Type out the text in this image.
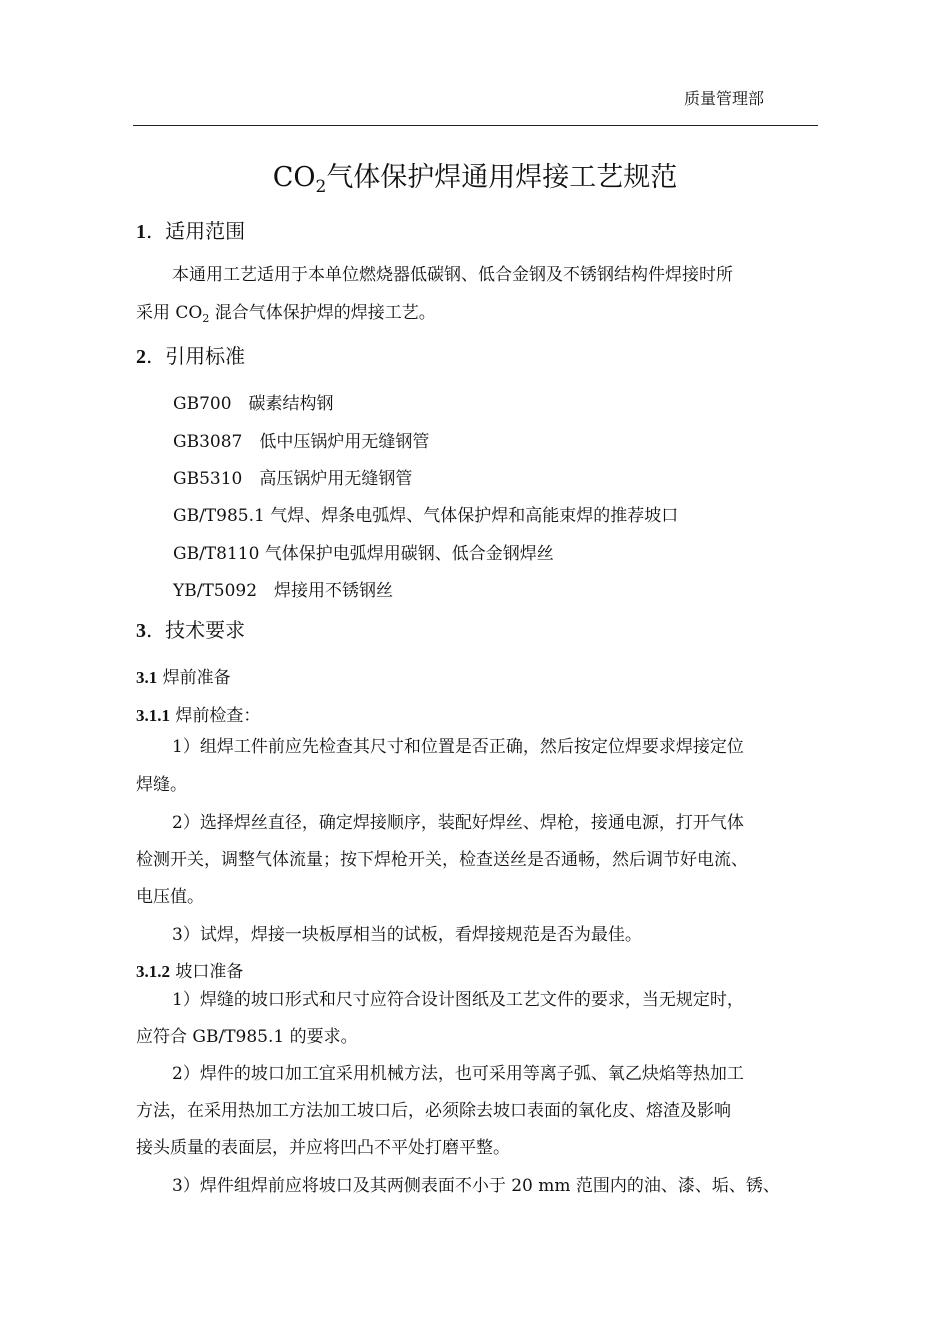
质量管理部
$CO_2$气体保护焊通用焊接工艺规范
1. 适用范围
本通用工艺适用于本单位燃烧器低碳钢、低合金钢及不锈钢结构件焊接时所
采用 $CO_2$ 混合气体保护焊的焊接工艺。
2. 引用标准
GB700　碳素结构钢
GB3087　低中压锅炉用无缝钢管
GB5310　高压锅炉用无缝钢管
GB/T985.1 气焊、焊条电弧焊、气体保护焊和高能束焊的推荐坡口
GB/T8110 气体保护电弧焊用碳钢、低合金钢焊丝
YB/T5092　焊接用不锈钢丝
3. 技术要求
3.1 焊前准备
3.1.1 焊前检查：
1）组焊工件前应先检查其尺寸和位置是否正确，然后按定位焊要求焊接定位
焊缝。
2）选择焊丝直径，确定焊接顺序，装配好焊丝、焊枪，接通电源，打开气体
检测开关，调整气体流量；按下焊枪开关，检查送丝是否通畅，然后调节好电流、
电压值。
3）试焊，焊接一块板厚相当的试板，看焊接规范是否为最佳。
3.1.2 坡口准备
1）焊缝的坡口形式和尺寸应符合设计图纸及工艺文件的要求，当无规定时，
应符合 GB/T985.1 的要求。
2）焊件的坡口加工宜采用机械方法，也可采用等离子弧、氧乙炔焰等热加工
方法，在采用热加工方法加工坡口后，必须除去坡口表面的氧化皮、熔渣及影响
接头质量的表面层，并应将凹凸不平处打磨平整。
3）焊件组焊前应将坡口及其两侧表面不小于 20 mm 范围内的油、漆、垢、锈、
